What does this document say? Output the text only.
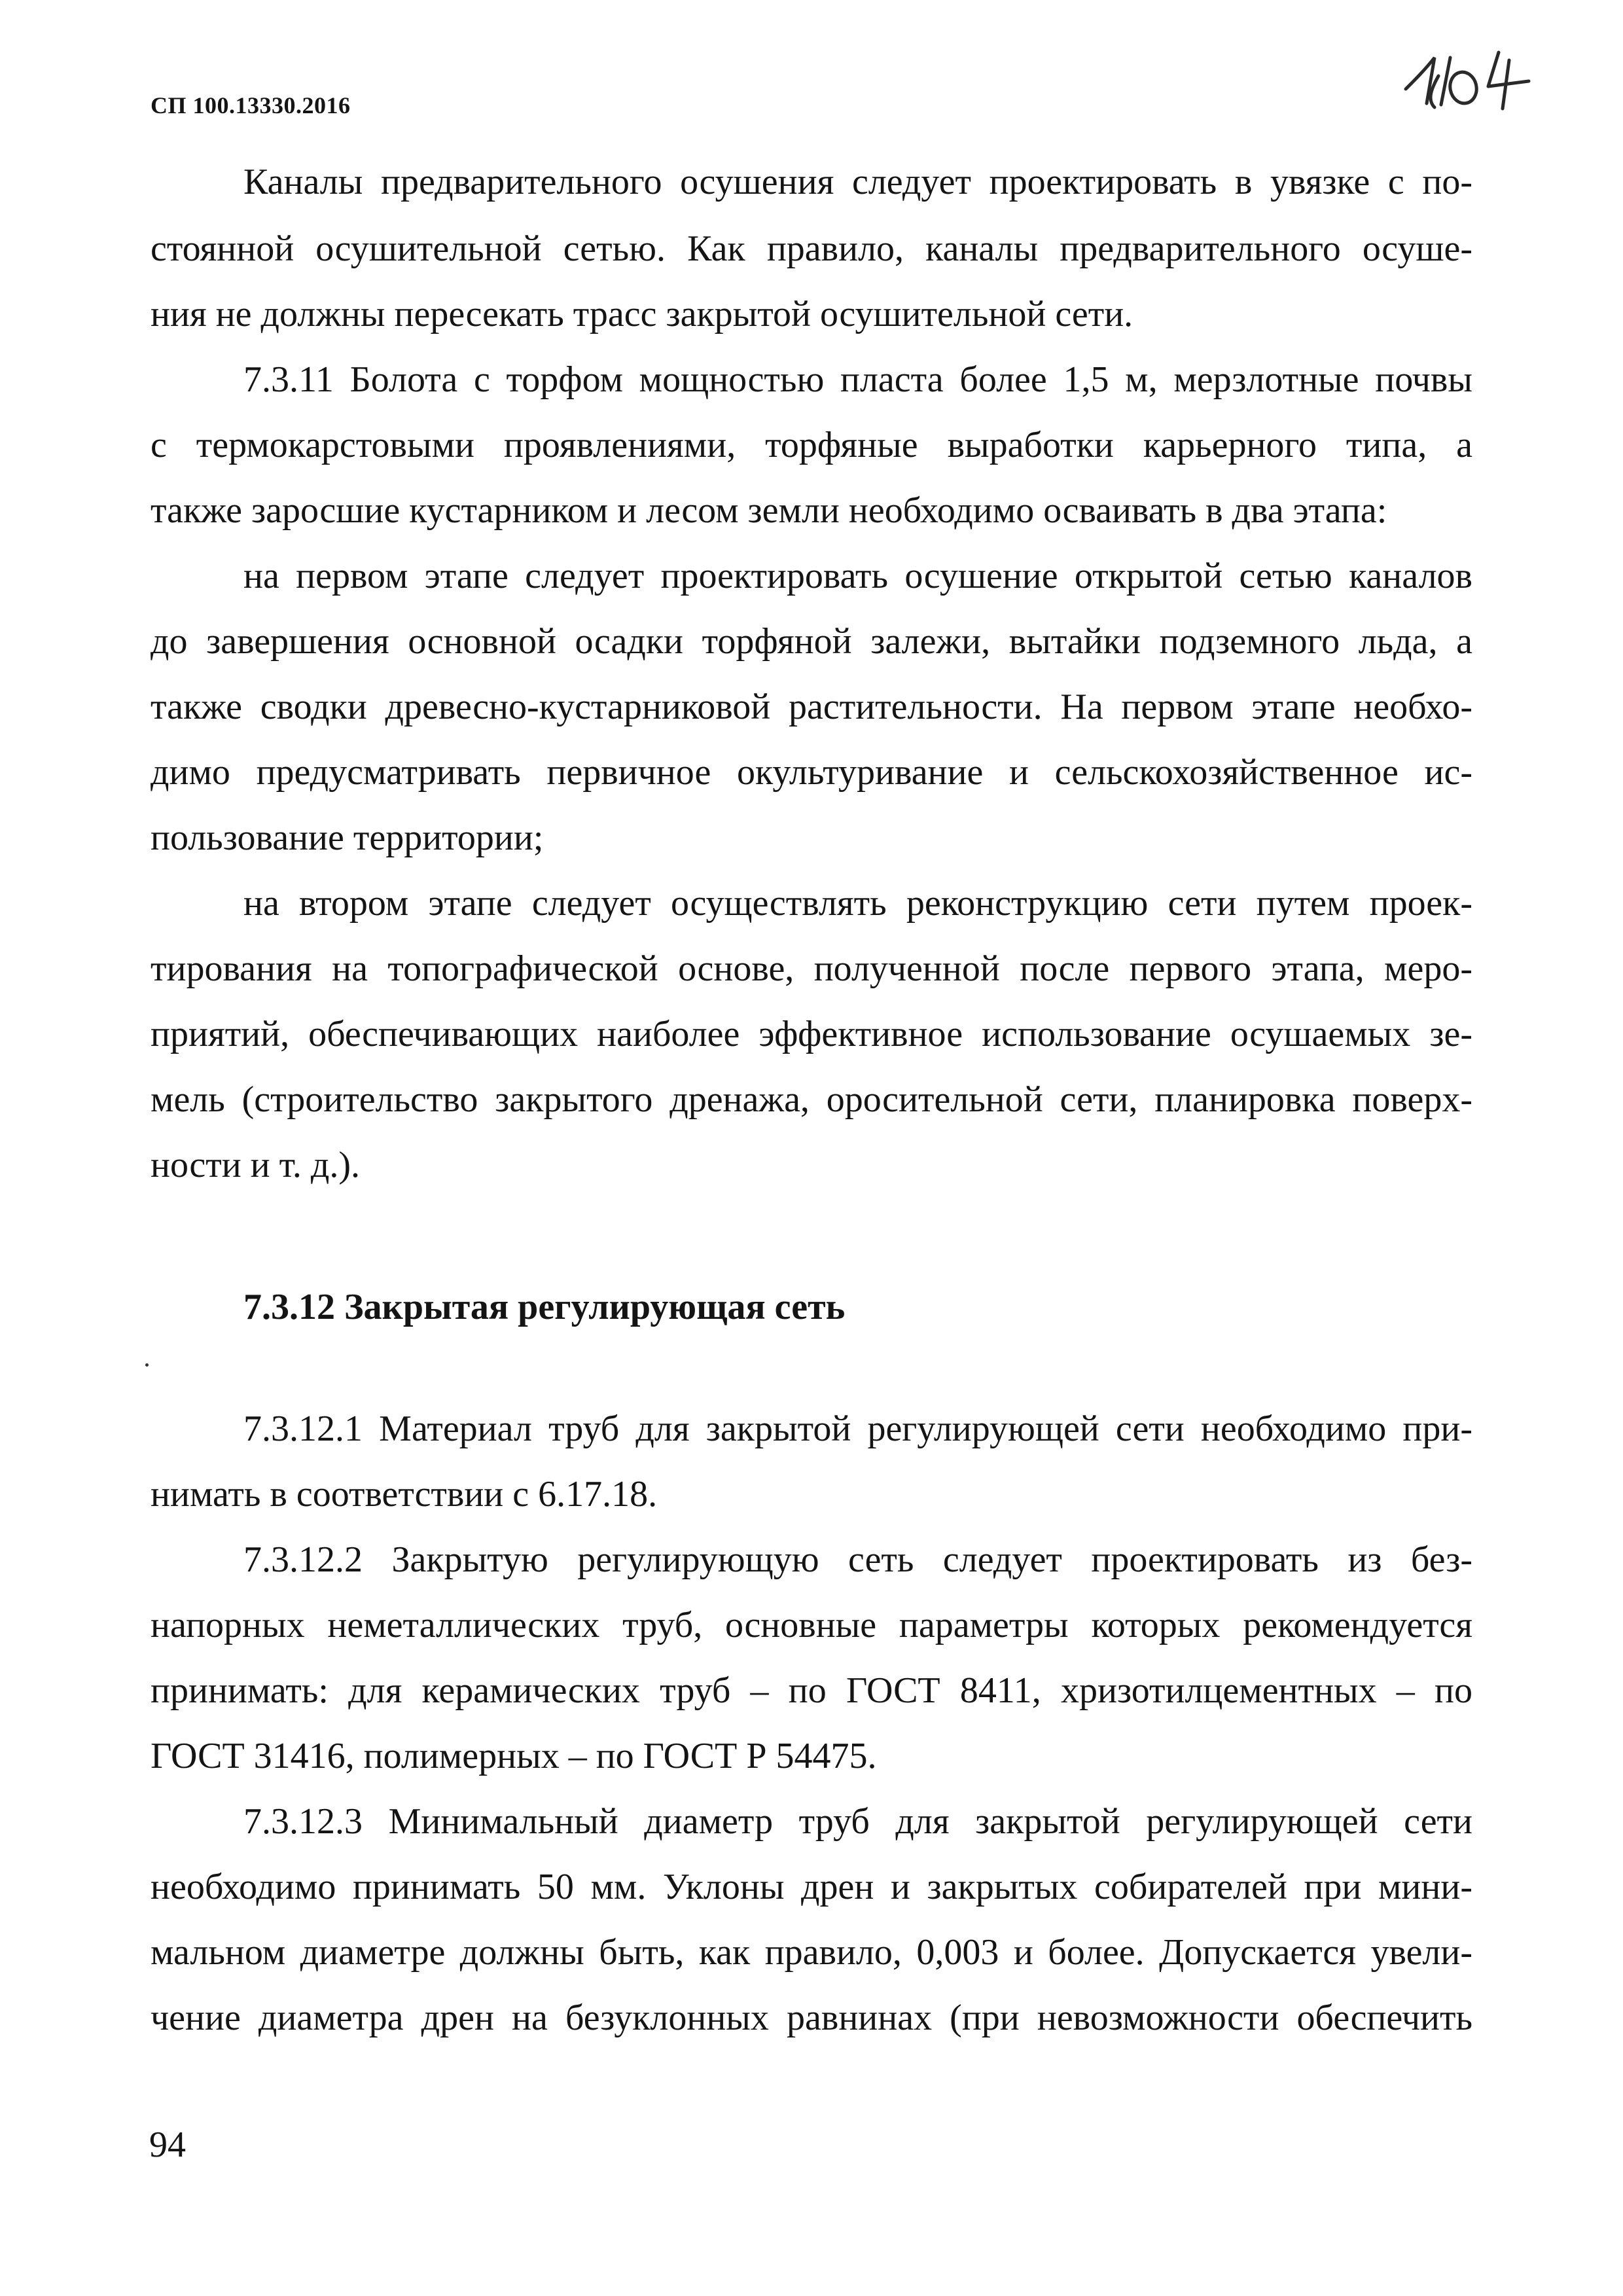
СП 100.13330.2016
Каналы предварительного осушения следует проектировать в увязке с по-
стоянной осушительной сетью. Как правило, каналы предварительного осуше-
ния не должны пересекать трасс закрытой осушительной сети.
7.3.11 Болота с торфом мощностью пласта более 1,5 м, мерзлотные почвы
с термокарстовыми проявлениями, торфяные выработки карьерного типа, а
также заросшие кустарником и лесом земли необходимо осваивать в два этапа:
на первом этапе следует проектировать осушение открытой сетью каналов
до завершения основной осадки торфяной залежи, вытайки подземного льда, а
также сводки древесно-кустарниковой растительности. На первом этапе необхо-
димо предусматривать первичное окультуривание и сельскохозяйственное ис-
пользование территории;
на втором этапе следует осуществлять реконструкцию сети путем проек-
тирования на топографической основе, полученной после первого этапа, меро-
приятий, обеспечивающих наиболее эффективное использование осушаемых зе-
мель (строительство закрытого дренажа, оросительной сети, планировка поверх-
ности и т. д.).
7.3.12 Закрытая регулирующая сеть
7.3.12.1 Материал труб для закрытой регулирующей сети необходимо при-
нимать в соответствии с 6.17.18.
7.3.12.2 Закрытую регулирующую сеть следует проектировать из без-
напорных неметаллических труб, основные параметры которых рекомендуется
принимать: для керамических труб – по ГОСТ 8411, хризотилцементных – по
ГОСТ 31416, полимерных – по ГОСТ Р 54475.
7.3.12.3 Минимальный диаметр труб для закрытой регулирующей сети
необходимо принимать 50 мм. Уклоны дрен и закрытых собирателей при мини-
мальном диаметре должны быть, как правило, 0,003 и более. Допускается увели-
чение диаметра дрен на безуклонных равнинах (при невозможности обеспечить
94
